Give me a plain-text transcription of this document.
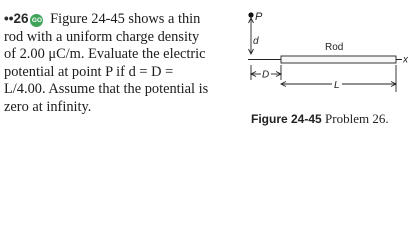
••26 GO Figure 24-45 shows a thin
rod with a uniform charge density
of 2.00 μC/m. Evaluate the electric
potential at point P if d = D =
L/4.00. Assume that the potential is
zero at infinity.
P
d
x
Rod
D
L
Figure 24-45 Problem 26.
